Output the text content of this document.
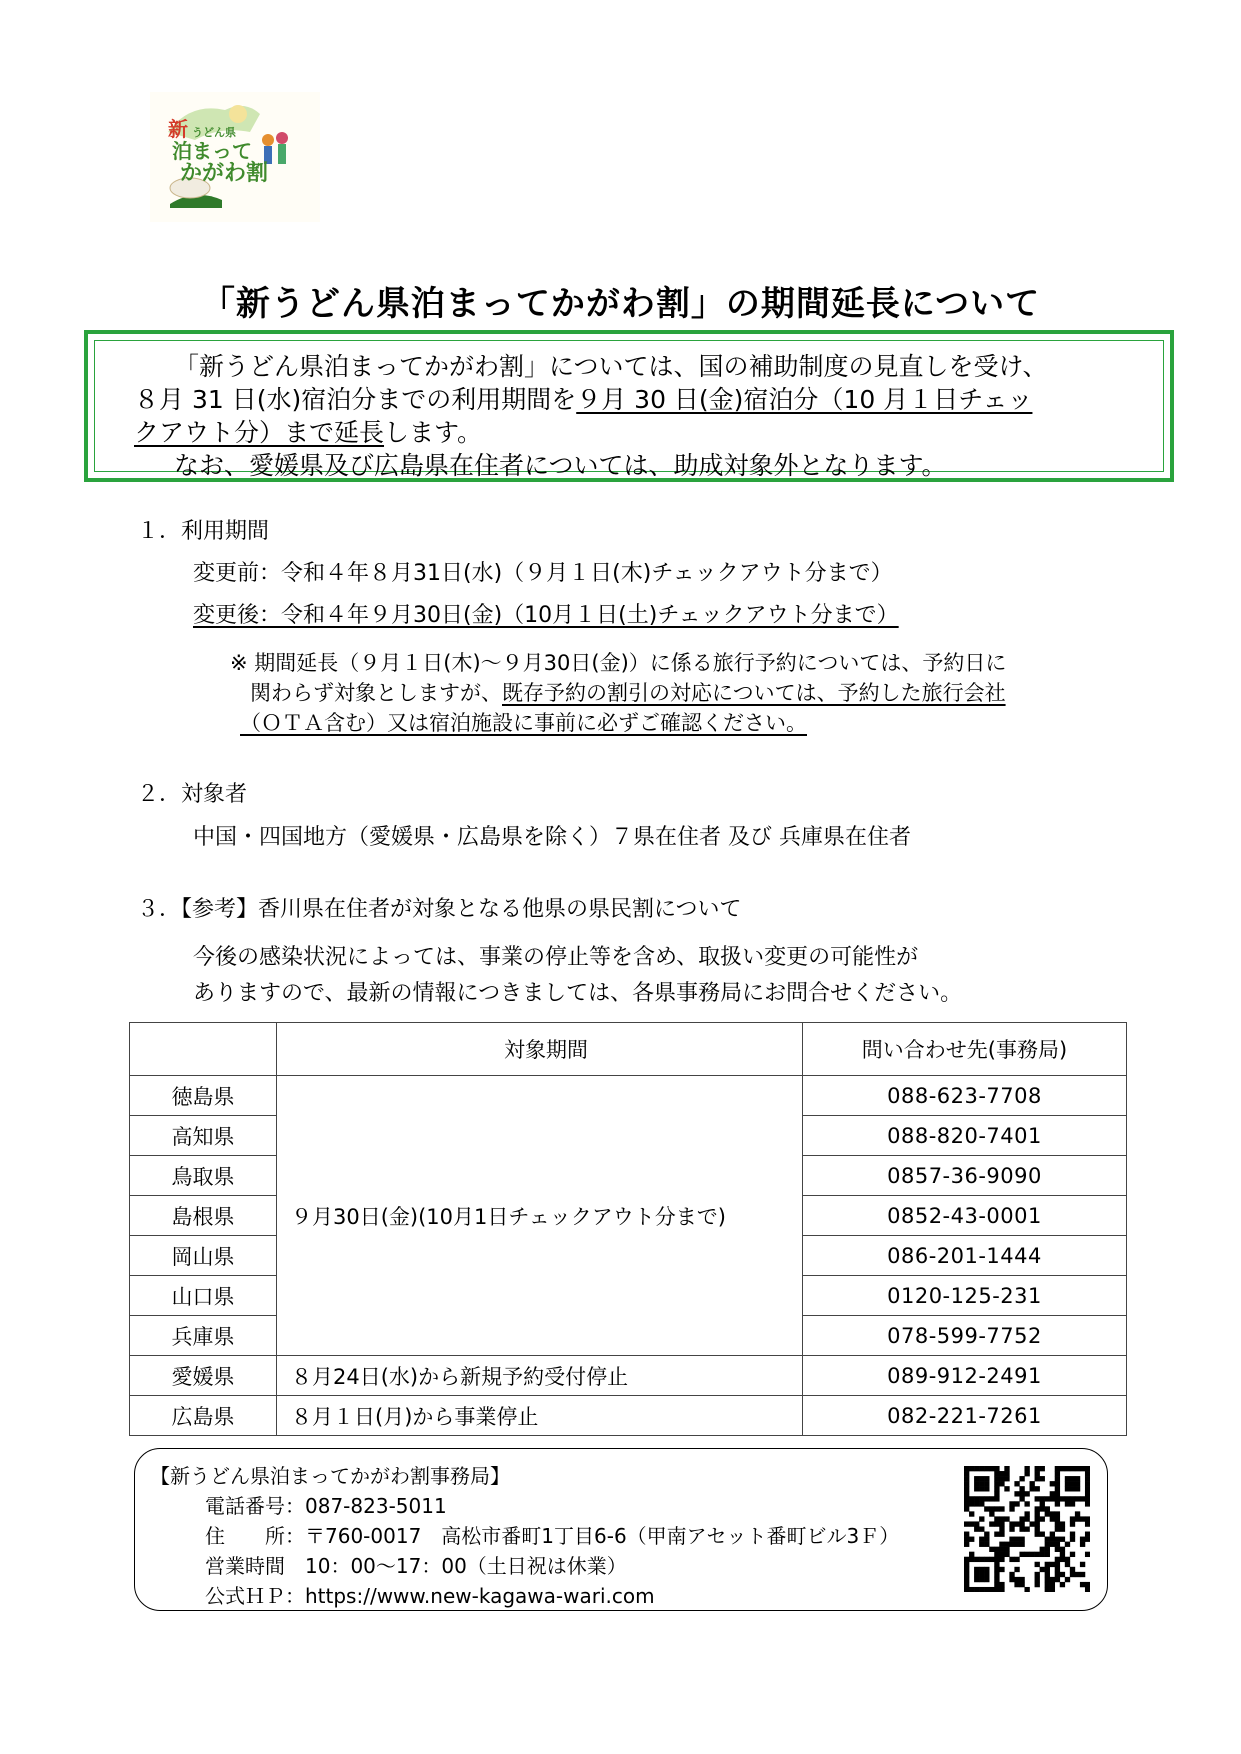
新 うどん県
泊まって
かがわ割
「新うどん県泊まってかがわ割」の期間延長について
「新うどん県泊まってかがわ割」については、国の補助制度の見直しを受け、
８月 31 日(水)宿泊分までの利用期間を９月 30 日(金)宿泊分（10 月１日チェッ
クアウト分）まで延長します。
なお、愛媛県及び広島県在住者については、助成対象外となります。
１．利用期間
変更前：令和４年８月31日(水)（９月１日(木)チェックアウト分まで）
変更後：令和４年９月30日(金)（10月１日(土)チェックアウト分まで）
※ 期間延長（９月１日(木)～９月30日(金)）に係る旅行予約については、予約日に
関わらず対象としますが、既存予約の割引の対応については、予約した旅行会社
（ＯＴＡ含む）又は宿泊施設に事前に必ずご確認ください。
２．対象者
中国・四国地方（愛媛県・広島県を除く）７県在住者 及び 兵庫県在住者
３．【参考】香川県在住者が対象となる他県の県民割について
今後の感染状況によっては、事業の停止等を含め、取扱い変更の可能性が
ありますので、最新の情報につきましては、各県事務局にお問合せください。
	対象期間	問い合わせ先(事務局)
徳島県	９月30日(金)(10月1日チェックアウト分まで)	088-623-7708
高知県		088-820-7401
鳥取県		0857-36-9090
島根県		0852-43-0001
岡山県		086-201-1444
山口県		0120-125-231
兵庫県		078-599-7752
愛媛県	８月24日(水)から新規予約受付停止	089-912-2491
広島県	８月１日(月)から事業停止	082-221-7261
【新うどん県泊まってかがわ割事務局】
電話番号：087-823-5011
住　　所：〒760-0017　高松市番町1丁目6-6（甲南アセット番町ビル3Ｆ）
営業時間　10：00～17：00（土日祝は休業）
公式ＨＰ：https://www.new-kagawa-wari.com
